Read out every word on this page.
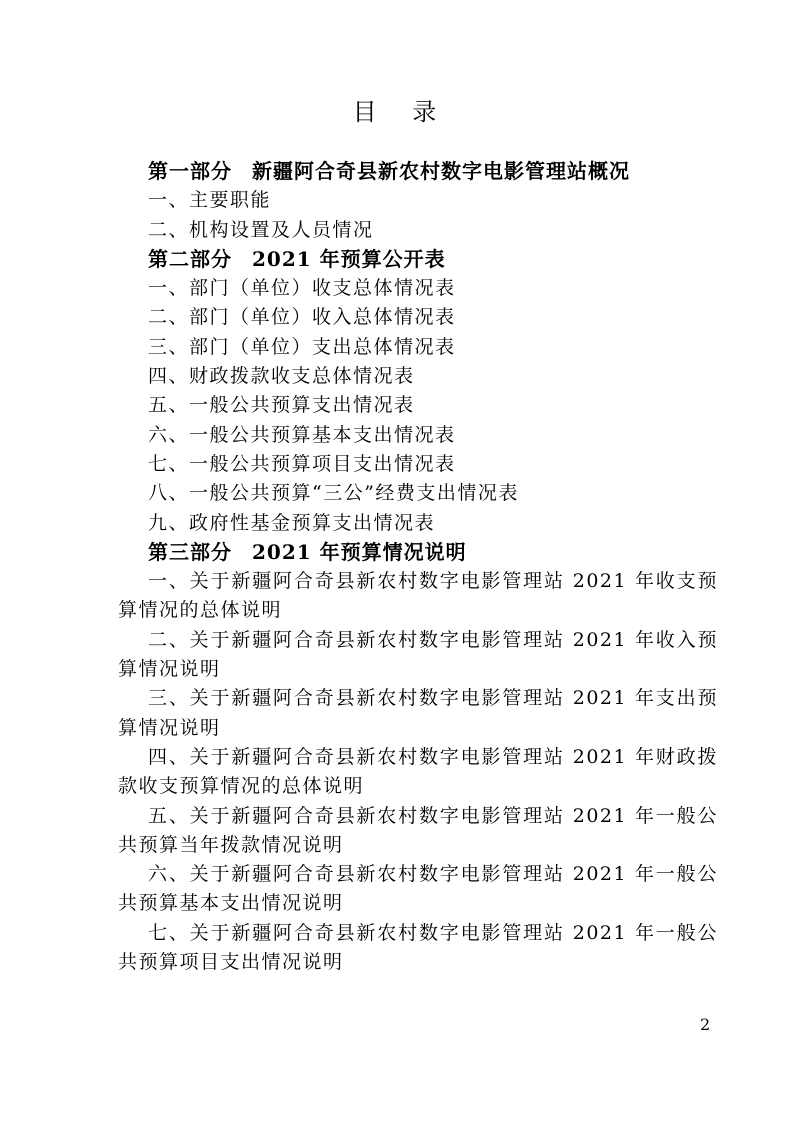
目 录
第一部分 新疆阿合奇县新农村数字电影管理站概况
一、主要职能
二、机构设置及人员情况
第二部分 2021 年预算公开表
一、部门（单位）收支总体情况表
二、部门（单位）收入总体情况表
三、部门（单位）支出总体情况表
四、财政拨款收支总体情况表
五、一般公共预算支出情况表
六、一般公共预算基本支出情况表
七、一般公共预算项目支出情况表
八、一般公共预算“三公”经费支出情况表
九、政府性基金预算支出情况表
第三部分 2021 年预算情况说明
一、关于新疆阿合奇县新农村数字电影管理站 2021 年收支预算情况的总体说明
二、关于新疆阿合奇县新农村数字电影管理站 2021 年收入预算情况说明
三、关于新疆阿合奇县新农村数字电影管理站 2021 年支出预算情况说明
四、关于新疆阿合奇县新农村数字电影管理站 2021 年财政拨款收支预算情况的总体说明
五、关于新疆阿合奇县新农村数字电影管理站 2021 年一般公共预算当年拨款情况说明
六、关于新疆阿合奇县新农村数字电影管理站 2021 年一般公共预算基本支出情况说明
七、关于新疆阿合奇县新农村数字电影管理站 2021 年一般公共预算项目支出情况说明
2
